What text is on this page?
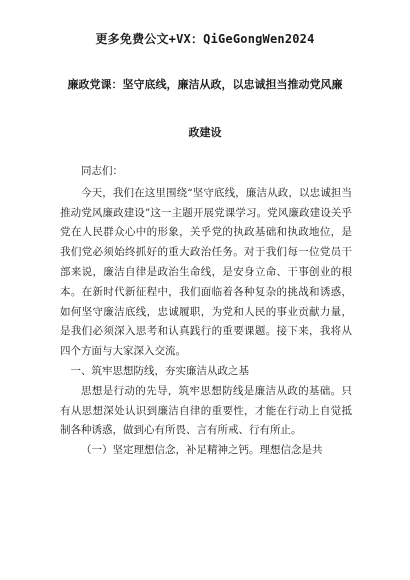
更多免费公文+VX：QiGeGongWen2024
廉政党课：坚守底线，廉洁从政，以忠诚担当推动党风廉
政建设

同志们：

今天，我们在这里围绕“坚守底线，廉洁从政，以忠诚担当推动党风廉政建设”这一主题开展党课学习。党风廉政建设关乎党在人民群众心中的形象，关乎党的执政基础和执政地位，是我们党必须始终抓好的重大政治任务。对于我们每一位党员干部来说，廉洁自律是政治生命线，是安身立命、干事创业的根本。在新时代新征程中，我们面临着各种复杂的挑战和诱惑，如何坚守廉洁底线，忠诚履职，为党和人民的事业贡献力量，是我们必须深入思考和认真践行的重要课题。接下来，我将从四个方面与大家深入交流。

一、筑牢思想防线，夯实廉洁从政之基

思想是行动的先导，筑牢思想防线是廉洁从政的基础。只有从思想深处认识到廉洁自律的重要性，才能在行动上自觉抵制各种诱惑，做到心有所畏、言有所戒、行有所止。

（一）坚定理想信念，补足精神之钙。理想信念是共
